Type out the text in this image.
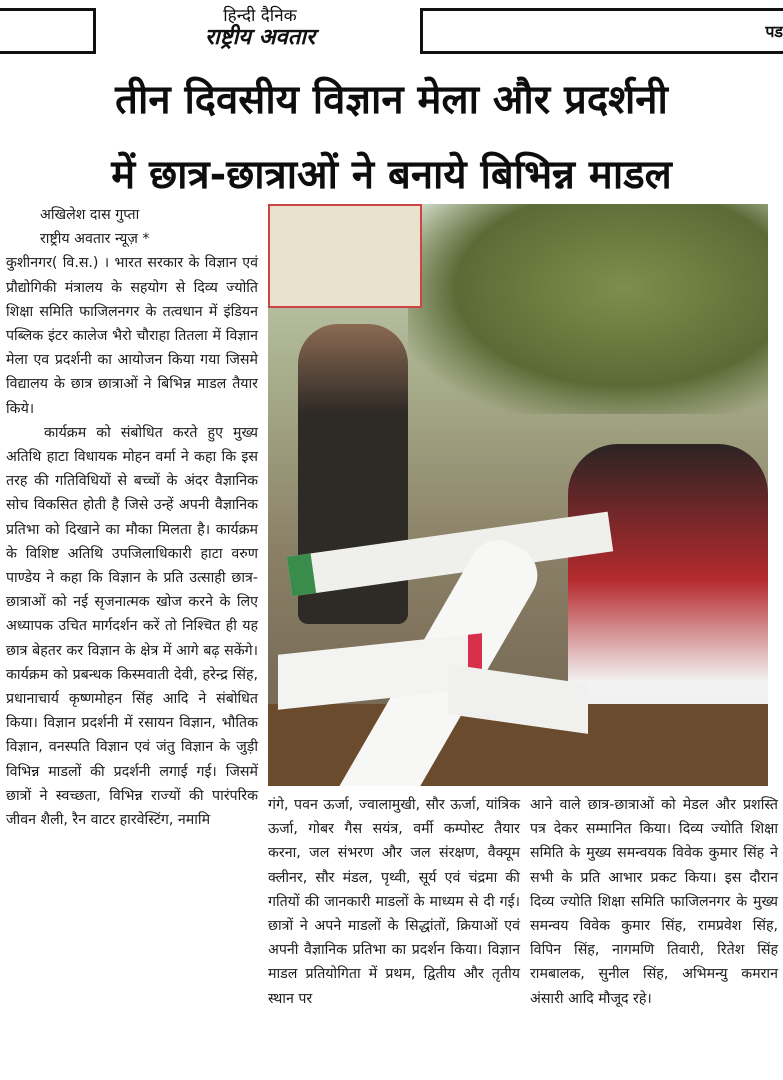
पड
हिन्दी दैनिक
राष्ट्रीय अवतार
तीन दिवसीय विज्ञान मेला और प्रदर्शनी
में छात्र-छात्राओं ने बनाये बिभिन्न माडल

अखिलेश दास गुप्ता

राष्ट्रीय अवतार न्यूज़ *

कुशीनगर( वि.स.) । भारत सरकार के विज्ञान एवं प्रौद्योगिकी मंत्रालय के सहयोग से दिव्य ज्योति शिक्षा समिति फाजिलनगर के तत्वधान में इंडियन पब्लिक इंटर कालेज भैरो चौराहा तितला में विज्ञान मेला एव प्रदर्शनी का आयोजन किया गया जिसमे विद्यालय के छात्र छात्राओं ने बिभिन्न माडल तैयार किये।

कार्यक्रम को संबोधित करते हुए मुख्य अतिथि हाटा विधायक मोहन वर्मा ने कहा कि इस तरह की गतिविधियों से बच्चों के अंदर वैज्ञानिक सोच विकसित होती है जिसे उन्हें अपनी वैज्ञानिक प्रतिभा को दिखाने का मौका मिलता है। कार्यक्रम के विशिष्ट अतिथि उपजिलाधिकारी हाटा वरुण पाण्डेय ने कहा कि विज्ञान के प्रति उत्साही छात्र-छात्राओं को नई सृजनात्मक खोज करने के लिए अध्यापक उचित मार्गदर्शन करें तो निश्चित ही यह छात्र बेहतर कर विज्ञान के क्षेत्र में आगे बढ़ सकेंगे। कार्यक्रम को प्रबन्धक किस्मवाती देवी, हरेन्द्र सिंह, प्रधानाचार्य कृष्णमोहन सिंह आदि ने संबोधित किया। विज्ञान प्रदर्शनी में रसायन विज्ञान, भौतिक विज्ञान, वनस्पति विज्ञान एवं जंतु विज्ञान के जुड़ी विभिन्न माडलों की प्रदर्शनी लगाई गई। जिसमें छात्रों ने स्वच्छता, विभिन्न राज्यों की पारंपरिक जीवन शैली, रैन वाटर हारवेस्टिंग, नमामि

गंगे, पवन ऊर्जा, ज्वालामुखी, सौर ऊर्जा, यांत्रिक ऊर्जा, गोबर गैस सयंत्र, वर्मी कम्पोस्ट तैयार करना, जल संभरण और जल संरक्षण, वैक्यूम क्लीनर, सौर मंडल, पृथ्वी, सूर्य एवं चंद्रमा की गतियों की जानकारी माडलों के माध्यम से दी गई। छात्रों ने अपने माडलों के सिद्धांतों, क्रियाओं एवं अपनी वैज्ञानिक प्रतिभा का प्रदर्शन किया। विज्ञान माडल प्रतियोगिता में प्रथम, द्वितीय और तृतीय स्थान पर

आने वाले छात्र-छात्राओं को मेडल और प्रशस्ति पत्र देकर सम्मानित किया। दिव्य ज्योति शिक्षा समिति के मुख्य समन्वयक विवेक कुमार सिंह ने सभी के प्रति आभार प्रकट किया। इस दौरान दिव्य ज्योति शिक्षा समिति फाजिलनगर के मुख्य समन्वय विवेक कुमार सिंह, रामप्रवेश सिंह, विपिन सिंह, नागमणि तिवारी, रितेश सिंह रामबालक, सुनील सिंह, अभिमन्यु कमरान अंसारी आदि मौजूद रहे।
